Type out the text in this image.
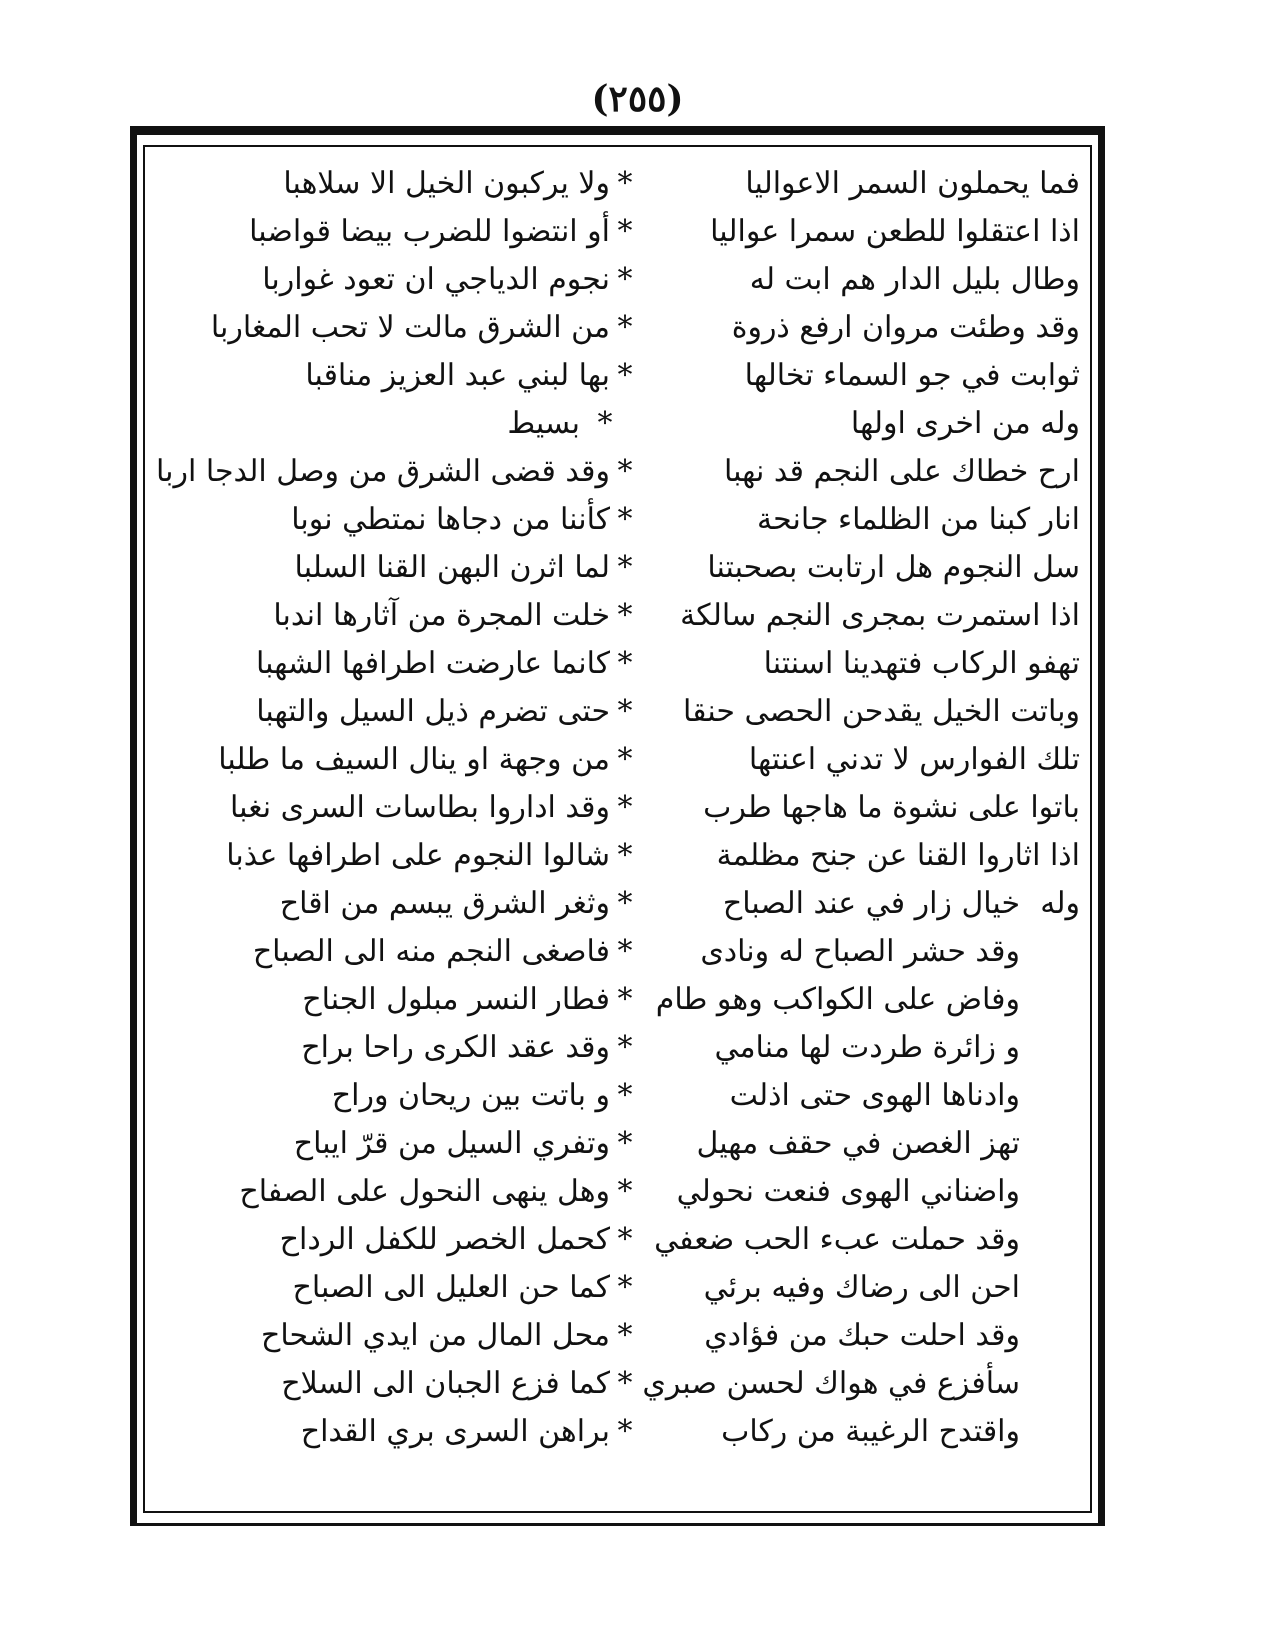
(٢٥٥)
فما يحملون السمر الاعواليا
*
ولا يركبون الخيل الا سلاهبا
اذا اعتقلوا للطعن سمرا عواليا
*
أو انتضوا للضرب بيضا قواضبا
وطال بليل الدار هم ابت له
*
نجوم الدياجي ان تعود غواربا
وقد وطئت مروان ارفع ذروة
*
من الشرق مالت لا تحب المغاربا
ثوابت في جو السماء تخالها
*
بها لبني عبد العزيز مناقبا
وله من اخرى اولها
*
بسيط
ارح خطاك على النجم قد نهبا
*
وقد قضى الشرق من وصل الدجا اربا
انار كبنا من الظلماء جانحة
*
كأننا من دجاها نمتطي نوبا
سل النجوم هل ارتابت بصحبتنا
*
لما اثرن البهن القنا السلبا
اذا استمرت بمجرى النجم سالكة
*
خلت المجرة من آثارها اندبا
تهفو الركاب فتهدينا اسنتنا
*
كانما عارضت اطرافها الشهبا
وباتت الخيل يقدحن الحصى حنقا
*
حتى تضرم ذيل السيل والتهبا
تلك الفوارس لا تدني اعنتها
*
من وجهة او ينال السيف ما طلبا
باتوا على نشوة ما هاجها طرب
*
وقد اداروا بطاسات السرى نغبا
اذا اثاروا القنا عن جنح مظلمة
*
شالوا النجوم على اطرافها عذبا
وله
خيال زار في عند الصباح
*
وثغر الشرق يبسم من اقاح
وقد حشر الصباح له ونادى
*
فاصغى النجم منه الى الصباح
وفاض على الكواكب وهو طام
*
فطار النسر مبلول الجناح
و زائرة طردت لها منامي
*
وقد عقد الكرى راحا براح
وادناها الهوى حتى اذلت
*
و باتت بين ريحان وراح
تهز الغصن في حقف مهيل
*
وتفري السيل من قرّ ايباح
واضناني الهوى فنعت نحولي
*
وهل ينهى النحول على الصفاح
وقد حملت عبء الحب ضعفي
*
كحمل الخصر للكفل الرداح
احن الى رضاك وفيه برئي
*
كما حن العليل الى الصباح
وقد احلت حبك من فؤادي
*
محل المال من ايدي الشحاح
سأفزع في هواك لحسن صبري
*
كما فزع الجبان الى السلاح
واقتدح الرغيبة من ركاب
*
براهن السرى بري القداح
